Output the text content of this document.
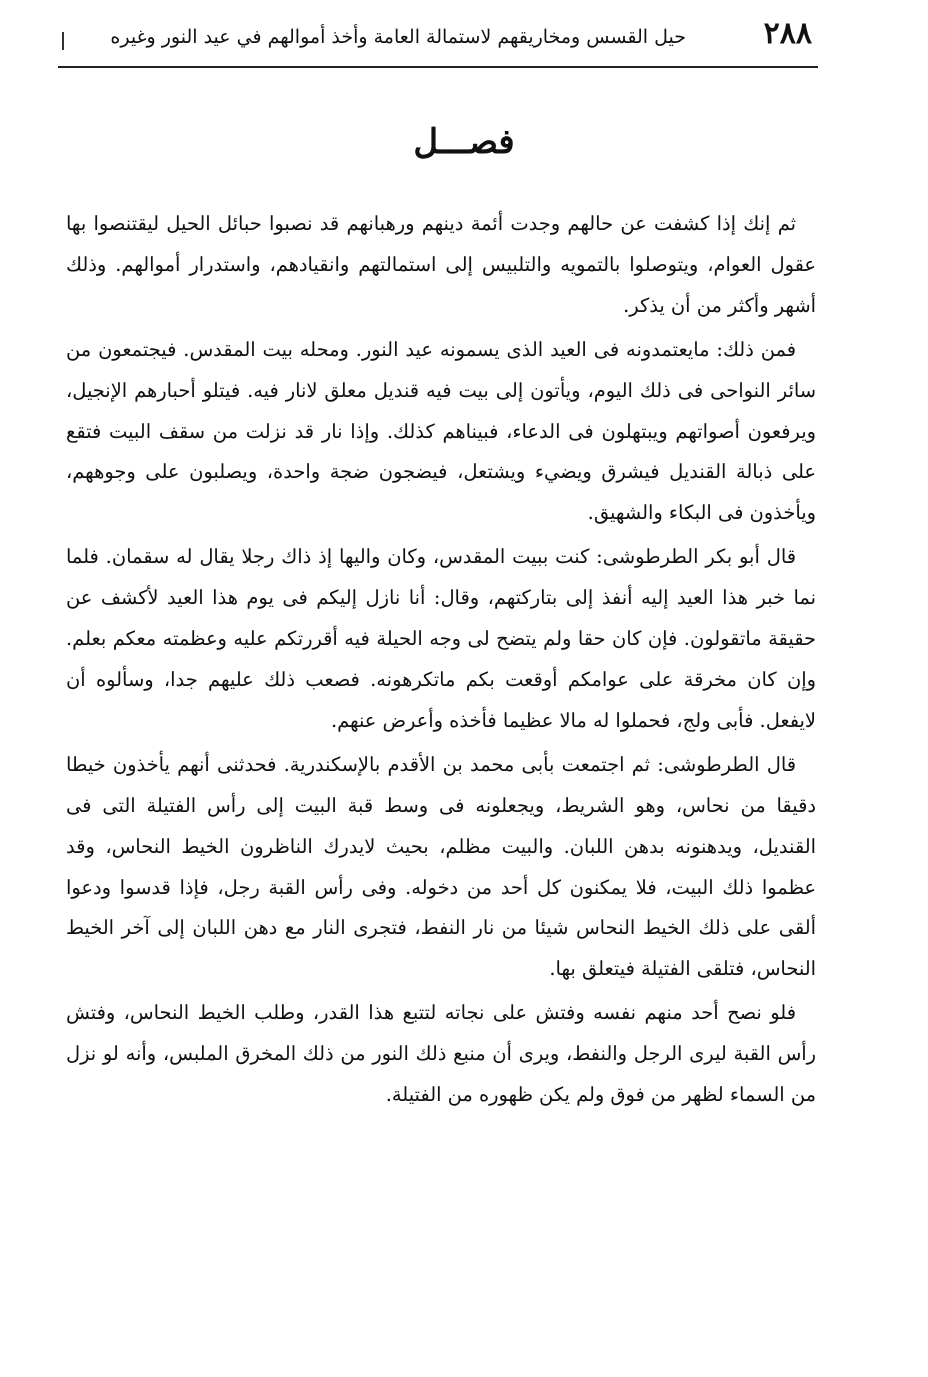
٢٨٨
حيل القسس ومخاريقهم لاستمالة العامة وأخذ أموالهم في عيد النور وغيره
فصـــل

ثم إنك إذا كشفت عن حالهم وجدت أئمة دينهم ورهبانهم قد نصبوا حبائل الحيل ليقتنصوا بها عقول العوام، ويتوصلوا بالتمويه والتلبيس إلى استمالتهم وانقيادهم، واستدرار أموالهم. وذلك أشهر وأكثر من أن يذكر.

فمن ذلك: مايعتمدونه فى العيد الذى يسمونه عيد النور. ومحله بيت المقدس. فيجتمعون من سائر النواحى فى ذلك اليوم، ويأتون إلى بيت فيه قنديل معلق لانار فيه. فيتلو أحبارهم الإنجيل، ويرفعون أصواتهم ويبتهلون فى الدعاء، فبيناهم كذلك. وإذا نار قد نزلت من سقف البيت فتقع على ذبالة القنديل فيشرق ويضيء ويشتعل، فيضجون ضجة واحدة، ويصلبون على وجوههم، ويأخذون فى البكاء والشهيق.

قال أبو بكر الطرطوشى: كنت ببيت المقدس، وكان واليها إذ ذاك رجلا يقال له سقمان. فلما نما خبر هذا العيد إليه أنفذ إلى بتاركتهم، وقال: أنا نازل إليكم فى يوم هذا العيد لأكشف عن حقيقة ماتقولون. فإن كان حقا ولم يتضح لى وجه الحيلة فيه أقررتكم عليه وعظمته معكم بعلم. وإن كان مخرقة على عوامكم أوقعت بكم ماتكرهونه. فصعب ذلك عليهم جدا، وسألوه أن لايفعل. فأبى ولج، فحملوا له مالا عظيما فأخذه وأعرض عنهم.

قال الطرطوشى: ثم اجتمعت بأبى محمد بن الأقدم بالإسكندرية. فحدثنى أنهم يأخذون خيطا دقيقا من نحاس، وهو الشريط، ويجعلونه فى وسط قبة البيت إلى رأس الفتيلة التى فى القنديل، ويدهنونه بدهن اللبان. والبيت مظلم، بحيث لايدرك الناظرون الخيط النحاس، وقد عظموا ذلك البيت، فلا يمكنون كل أحد من دخوله. وفى رأس القبة رجل، فإذا قدسوا ودعوا ألقى على ذلك الخيط النحاس شيئا من نار النفط، فتجرى النار مع دهن اللبان إلى آخر الخيط النحاس، فتلقى الفتيلة فيتعلق بها.

فلو نصح أحد منهم نفسه وفتش على نجاته لتتبع هذا القدر، وطلب الخيط النحاس، وفتش رأس القبة ليرى الرجل والنفط، ويرى أن منبع ذلك النور من ذلك المخرق الملبس، وأنه لو نزل من السماء لظهر من فوق ولم يكن ظهوره من الفتيلة.
